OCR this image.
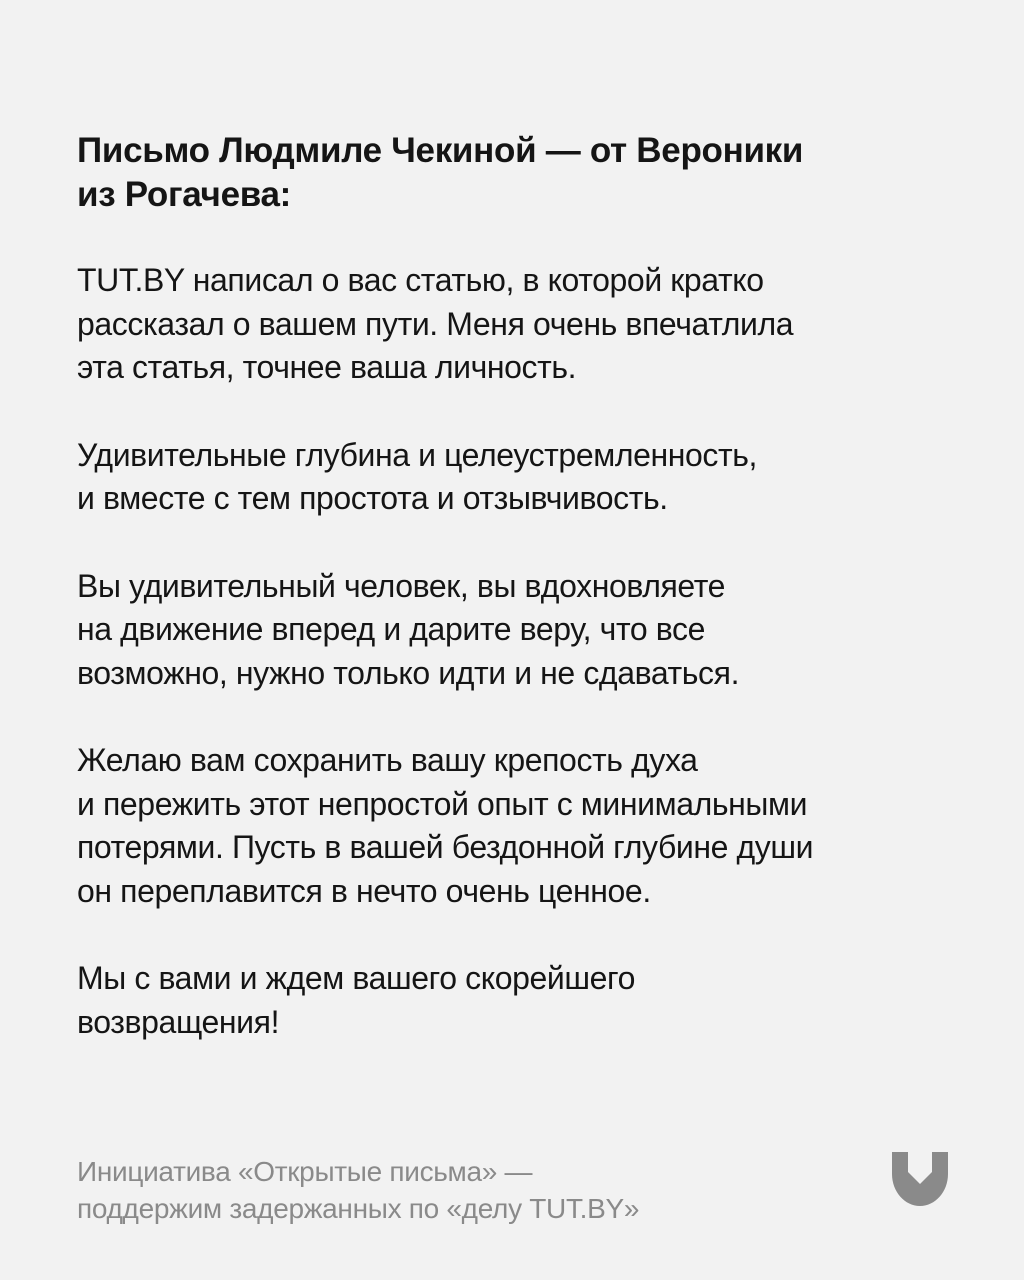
Письмо Людмиле Чекиной — от Вероники
из Рогачева:

TUT.BY написал о вас статью, в которой кратко
рассказал о вашем пути. Меня очень впечатлила
эта статья, точнее ваша личность.

Удивительные глубина и целеустремленность,
и вместе с тем простота и отзывчивость.

Вы удивительный человек, вы вдохновляете
на движение вперед и дарите веру, что все
возможно, нужно только идти и не сдаваться.

Желаю вам сохранить вашу крепость духа
и пережить этот непростой опыт с минимальными
потерями. Пусть в вашей бездонной глубине души
он переплавится в нечто очень ценное.

Мы с вами и ждем вашего скорейшего
возвращения!

Инициатива «Открытые письма» —
поддержим задержанных по «делу TUT.BY»
